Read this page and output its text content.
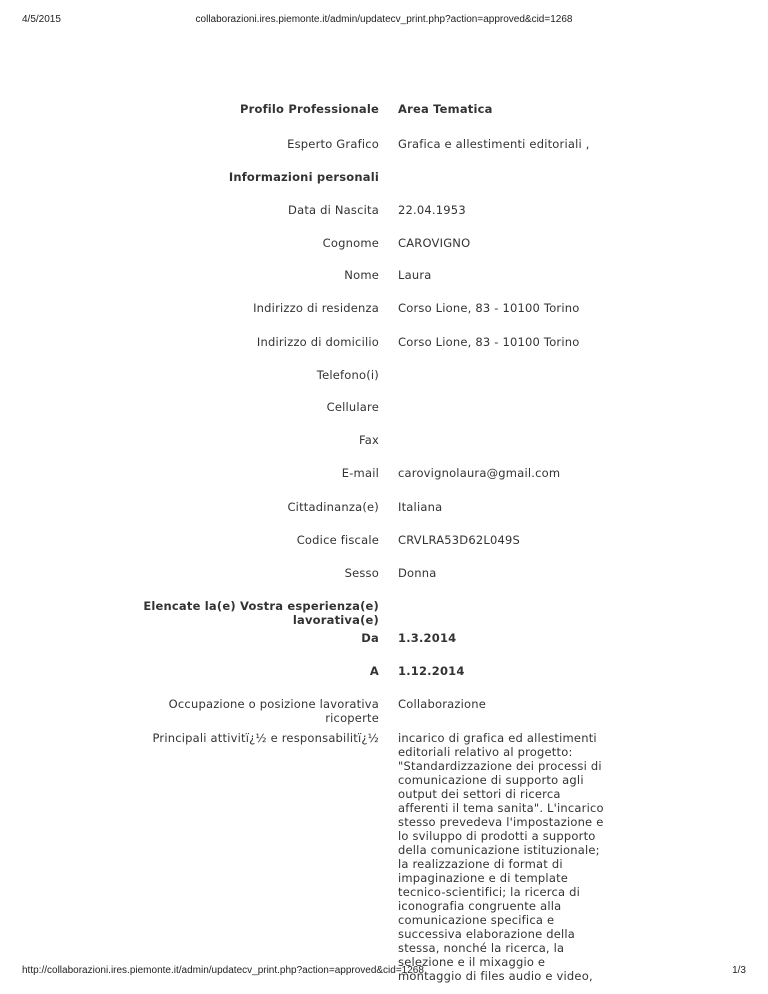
4/5/2015	collaborazioni.ires.piemonte.it/admin/updatecv_print.php?action=approved&cid=1268
Profilo Professionale Area Tematica
Esperto Grafico Grafica e allestimenti editoriali ,
Informazioni personali
Data di Nascita 22.04.1953
Cognome CAROVIGNO
Nome Laura
Indirizzo di residenza Corso Lione, 83 - 10100 Torino
Indirizzo di domicilio Corso Lione, 83 - 10100 Torino
Telefono(i)
Cellulare
Fax
E-mail carovignolaura@gmail.com
Cittadinanza(e) Italiana
Codice fiscale CRVLRA53D62L049S
Sesso Donna
Elencate la(e) Vostra esperienza(e)
lavorativa(e)
Da 1.3.2014
A 1.12.2014
Occupazione o posizione lavorativa
ricoperte
Collaborazione
Principali attivitï¿½ e responsabilitï¿½ incarico di grafica ed allestimenti
editoriali relativo al progetto:
"Standardizzazione dei processi di
comunicazione di supporto agli
output dei settori di ricerca
afferenti il tema sanita". L'incarico
stesso prevedeva l'impostazione e
lo sviluppo di prodotti a supporto
della comunicazione istituzionale;
la realizzazione di format di
impaginazione e di template
tecnico-scientifici; la ricerca di
iconografia congruente alla
comunicazione specifica e
successiva elaborazione della
stessa, nonché la ricerca, la
selezione e il mixaggio e
montaggio di files audio e video,
http://collaborazioni.ires.piemonte.it/admin/updatecv_print.php?action=approved&cid=1268	1/3
